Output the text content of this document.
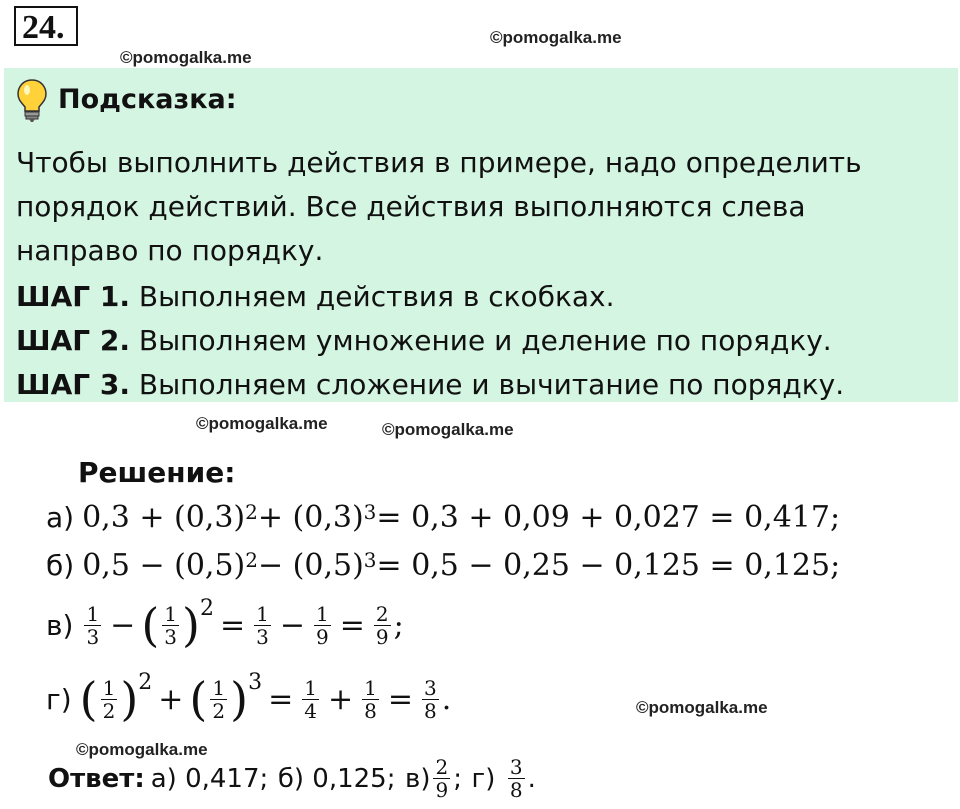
24.	©pomogalka.me
©pomogalka.me
Подсказка:
Чтобы выполнить действия в примере, надо определить
порядок действий. Все действия выполняются слева
направо по порядку.
ШАГ 1. Выполняем действия в скобках.
ШАГ 2. Выполняем умножение и деление по порядку.
ШАГ 3. Выполняем сложение и вычитание по порядку.
©pomogalka.me	©pomogalka.me
Решение:
а) $0,3 + (0,3)^2 + (0,3)^3 = 0,3 + 0,09 + 0,027 = 0,417$;
б) $0,5 - (0,5)^2 - (0,5)^3 = 0,5 - 0,25 - 0,125 = 0,125$;
$в) \frac{1}{3}$ − ( $\frac{1}{3}$ ) $2 = \frac{1}{3} - \frac{1}{9} = \frac{2}{9}$ ;
г) ( $\frac{1}{2}$ ) 2 + ( $\frac{1}{2}$ ) $3 = \frac{1}{4} + \frac{1}{8} = \frac{3}{8}$ .	©pomogalka.me
©pomogalka.me
Ответ: а) 0,417;
б) 0,125;
$в) \frac{2}{9}$ ;
г)
$\frac{3}{8}$ .
